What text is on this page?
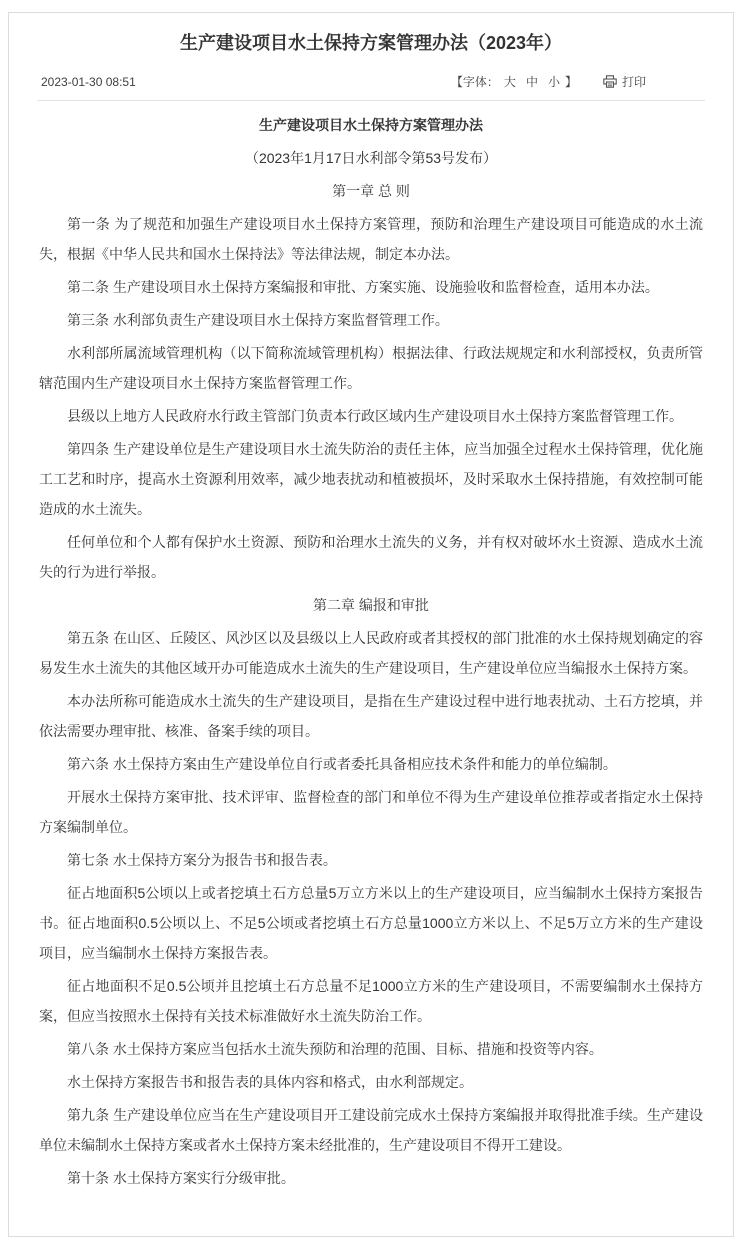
生产建设项目水土保持方案管理办法（2023年）
2023-01-30 08:51	【字体： 大 中 小 】	打印

生产建设项目水土保持方案管理办法

（2023年1月17日水利部令第53号发布）

第一章 总 则

第一条 为了规范和加强生产建设项目水土保持方案管理，预防和治理生产建设项目可能造成的水土流失，根据《中华人民共和国水土保持法》等法律法规，制定本办法。

第二条 生产建设项目水土保持方案编报和审批、方案实施、设施验收和监督检查，适用本办法。

第三条 水利部负责生产建设项目水土保持方案监督管理工作。

水利部所属流域管理机构（以下简称流域管理机构）根据法律、行政法规规定和水利部授权，负责所管辖范围内生产建设项目水土保持方案监督管理工作。

县级以上地方人民政府水行政主管部门负责本行政区域内生产建设项目水土保持方案监督管理工作。

第四条 生产建设单位是生产建设项目水土流失防治的责任主体，应当加强全过程水土保持管理，优化施工工艺和时序，提高水土资源利用效率，减少地表扰动和植被损坏，及时采取水土保持措施，有效控制可能造成的水土流失。

任何单位和个人都有保护水土资源、预防和治理水土流失的义务，并有权对破坏水土资源、造成水土流失的行为进行举报。

第二章 编报和审批

第五条 在山区、丘陵区、风沙区以及县级以上人民政府或者其授权的部门批准的水土保持规划确定的容易发生水土流失的其他区域开办可能造成水土流失的生产建设项目，生产建设单位应当编报水土保持方案。

本办法所称可能造成水土流失的生产建设项目，是指在生产建设过程中进行地表扰动、土石方挖填，并依法需要办理审批、核准、备案手续的项目。

第六条 水土保持方案由生产建设单位自行或者委托具备相应技术条件和能力的单位编制。

开展水土保持方案审批、技术评审、监督检查的部门和单位不得为生产建设单位推荐或者指定水土保持方案编制单位。

第七条 水土保持方案分为报告书和报告表。

征占地面积5公顷以上或者挖填土石方总量5万立方米以上的生产建设项目，应当编制水土保持方案报告书。征占地面积0.5公顷以上、不足5公顷或者挖填土石方总量1000立方米以上、不足5万立方米的生产建设项目，应当编制水土保持方案报告表。

征占地面积不足0.5公顷并且挖填土石方总量不足1000立方米的生产建设项目，不需要编制水土保持方案，但应当按照水土保持有关技术标准做好水土流失防治工作。

第八条 水土保持方案应当包括水土流失预防和治理的范围、目标、措施和投资等内容。

水土保持方案报告书和报告表的具体内容和格式，由水利部规定。

第九条 生产建设单位应当在生产建设项目开工建设前完成水土保持方案编报并取得批准手续。生产建设单位未编制水土保持方案或者水土保持方案未经批准的，生产建设项目不得开工建设。

第十条 水土保持方案实行分级审批。
